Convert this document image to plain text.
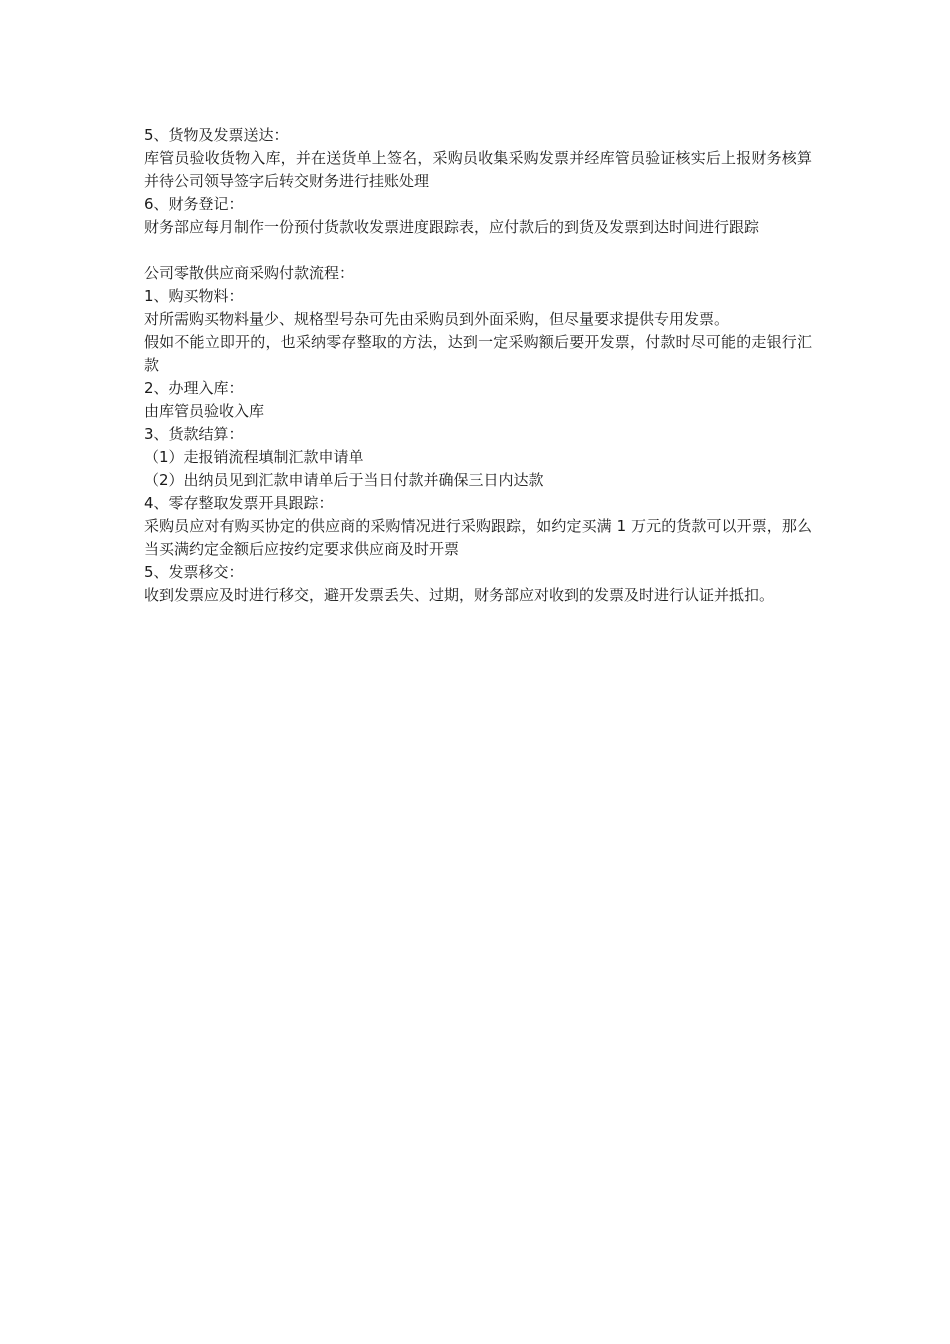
5、货物及发票送达：

库管员验收货物入库，并在送货单上签名，采购员收集采购发票并经库管员验证核实后上报财务核算并待公司领导签字后转交财务进行挂账处理

6、财务登记：

财务部应每月制作一份预付货款收发票进度跟踪表，应付款后的到货及发票到达时间进行跟踪

公司零散供应商采购付款流程：

1、购买物料：

对所需购买物料量少、规格型号杂可先由采购员到外面采购，但尽量要求提供专用发票。

假如不能立即开的，也采纳零存整取的方法，达到一定采购额后要开发票，付款时尽可能的走银行汇款

2、办理入库：

由库管员验收入库

3、货款结算：

（1）走报销流程填制汇款申请单

（2）出纳员见到汇款申请单后于当日付款并确保三日内达款

4、零存整取发票开具跟踪：

采购员应对有购买协定的供应商的采购情况进行采购跟踪，如约定买满 1 万元的货款可以开票，那么当买满约定金额后应按约定要求供应商及时开票

5、发票移交：

收到发票应及时进行移交，避开发票丢失、过期，财务部应对收到的发票及时进行认证并抵扣。
